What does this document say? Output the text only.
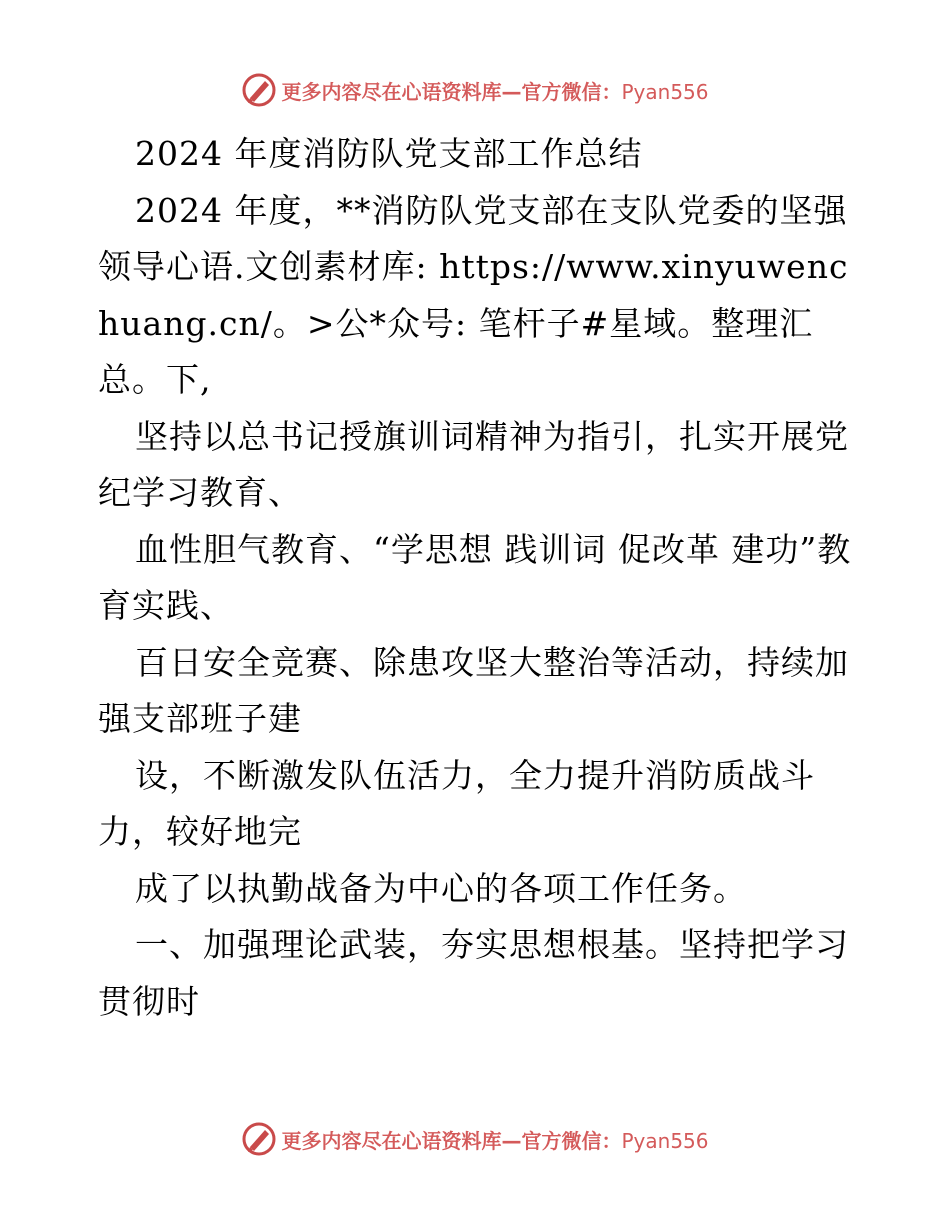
更多内容尽在心语资料库—官方微信：Pyan556

2024 年度消防队党支部工作总结

2024 年度，**消防队党支部在支队党委的坚强领导心语.文创素材库: https://www.xinyuwenchuang.cn/。>公*众号: 笔杆子#星域。整理汇总。下,

坚持以总书记授旗训词精神为指引，扎实开展党纪学习教育、

血性胆气教育、“学思想 践训词 促改革 建功”教育实践、

百日安全竞赛、除患攻坚大整治等活动，持续加强支部班子建

设，不断激发队伍活力，全力提升消防质战斗力，较好地完

成了以执勤战备为中心的各项工作任务。

一、加强理论武装，夯实思想根基。坚持把学习贯彻时

更多内容尽在心语资料库—官方微信：Pyan556
